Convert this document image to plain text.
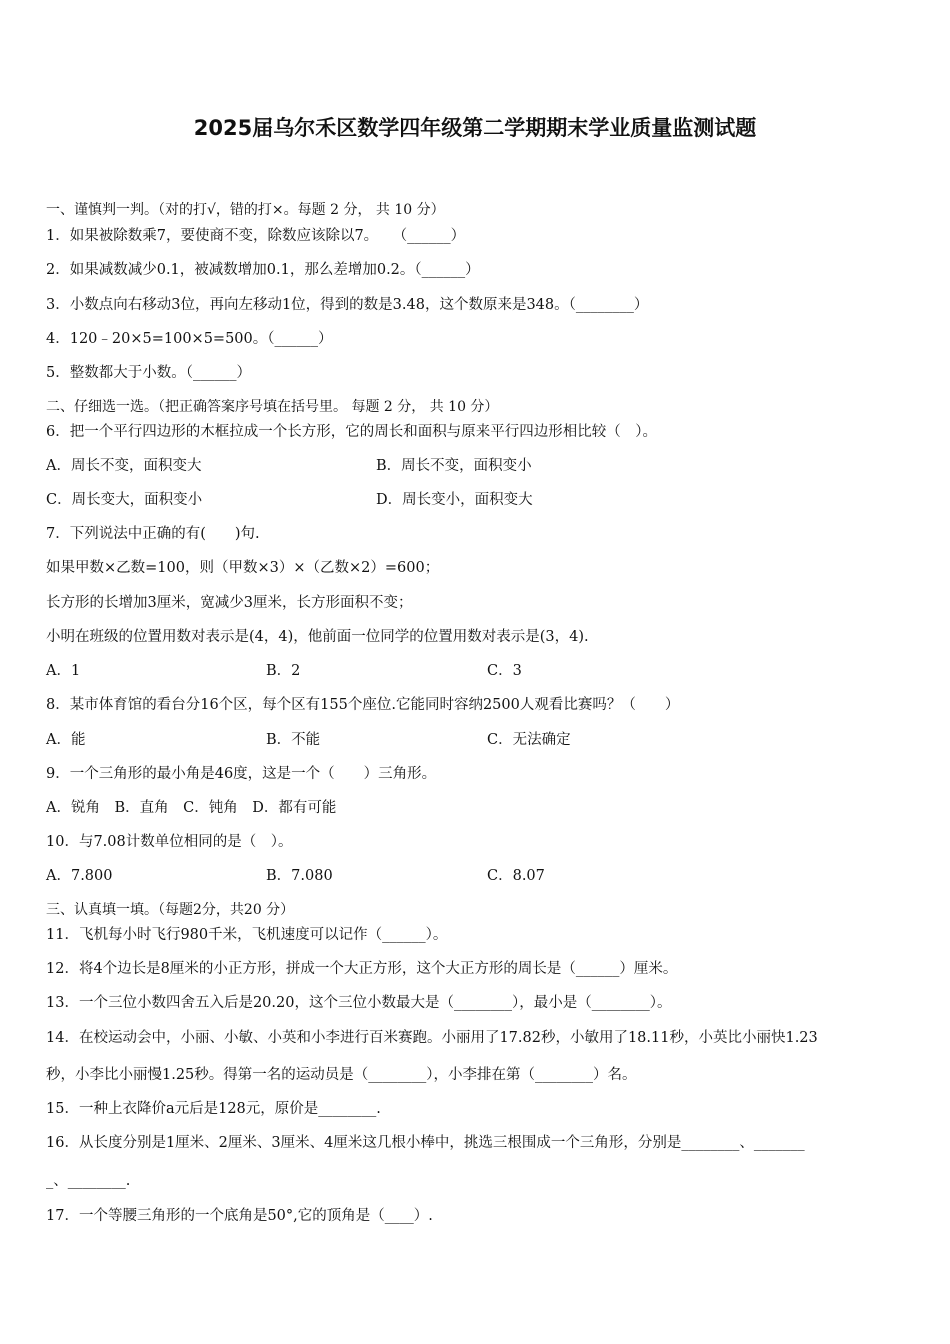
2025届乌尔禾区数学四年级第二学期期末学业质量监测试题
一、谨慎判一判。（对的打√，错的打×。每题 2 分， 共 10 分）
1．如果被除数乘7，要使商不变，除数应该除以7。　　（______）
2．如果减数减少0.1，被减数增加0.1，那么差增加0.2。（______）
3．小数点向右移动3位，再向左移动1位，得到的数是3.48，这个数原来是348。（________）
4．120﹣20×5=100×5=500。（______）
5．整数都大于小数。（______）
二、仔细选一选。（把正确答案序号填在括号里。 每题 2 分， 共 10 分）
6．把一个平行四边形的木框拉成一个长方形，它的周长和面积与原来平行四边形相比较（　）。
A．周长不变，面积变大	B．周长不变，面积变小
C．周长变大，面积变小	D．周长变小，面积变大
7．下列说法中正确的有(　　)句.
如果甲数×乙数=100，则（甲数×3）×（乙数×2）=600；
长方形的长增加3厘米，宽减少3厘米，长方形面积不变；
小明在班级的位置用数对表示是(4，4)，他前面一位同学的位置用数对表示是(3，4).
A．1	B．2	C．3
8．某市体育馆的看台分16个区，每个区有155个座位.它能同时容纳2500人观看比赛吗？（　　）
A．能	B．不能	C．无法确定
9．一个三角形的最小角是46度，这是一个（　　）三角形。
A．锐角　B．直角　C．钝角　D．都有可能
10．与7.08计数单位相同的是（　）。
A．7.800	B．7.080	C．8.07
三、认真填一填。（每题2分，共20 分）
11．飞机每小时飞行980千米，飞机速度可以记作（______）。
12．将4个边长是8厘米的小正方形，拼成一个大正方形，这个大正方形的周长是（______）厘米。
13．一个三位小数四舍五入后是20.20，这个三位小数最大是（________），最小是（________）。
14．在校运动会中，小丽、小敏、小英和小李进行百米赛跑。小丽用了17.82秒，小敏用了18.11秒，小英比小丽快1.23
秒，小李比小丽慢1.25秒。得第一名的运动员是（________），小李排在第（________）名。
15．一种上衣降价a元后是128元，原价是________.
16．从长度分别是1厘米、2厘米、3厘米、4厘米这几根小棒中，挑选三根围成一个三角形，分别是________、_______
_、________.
17．一个等腰三角形的一个底角是50°,它的顶角是（____）.
